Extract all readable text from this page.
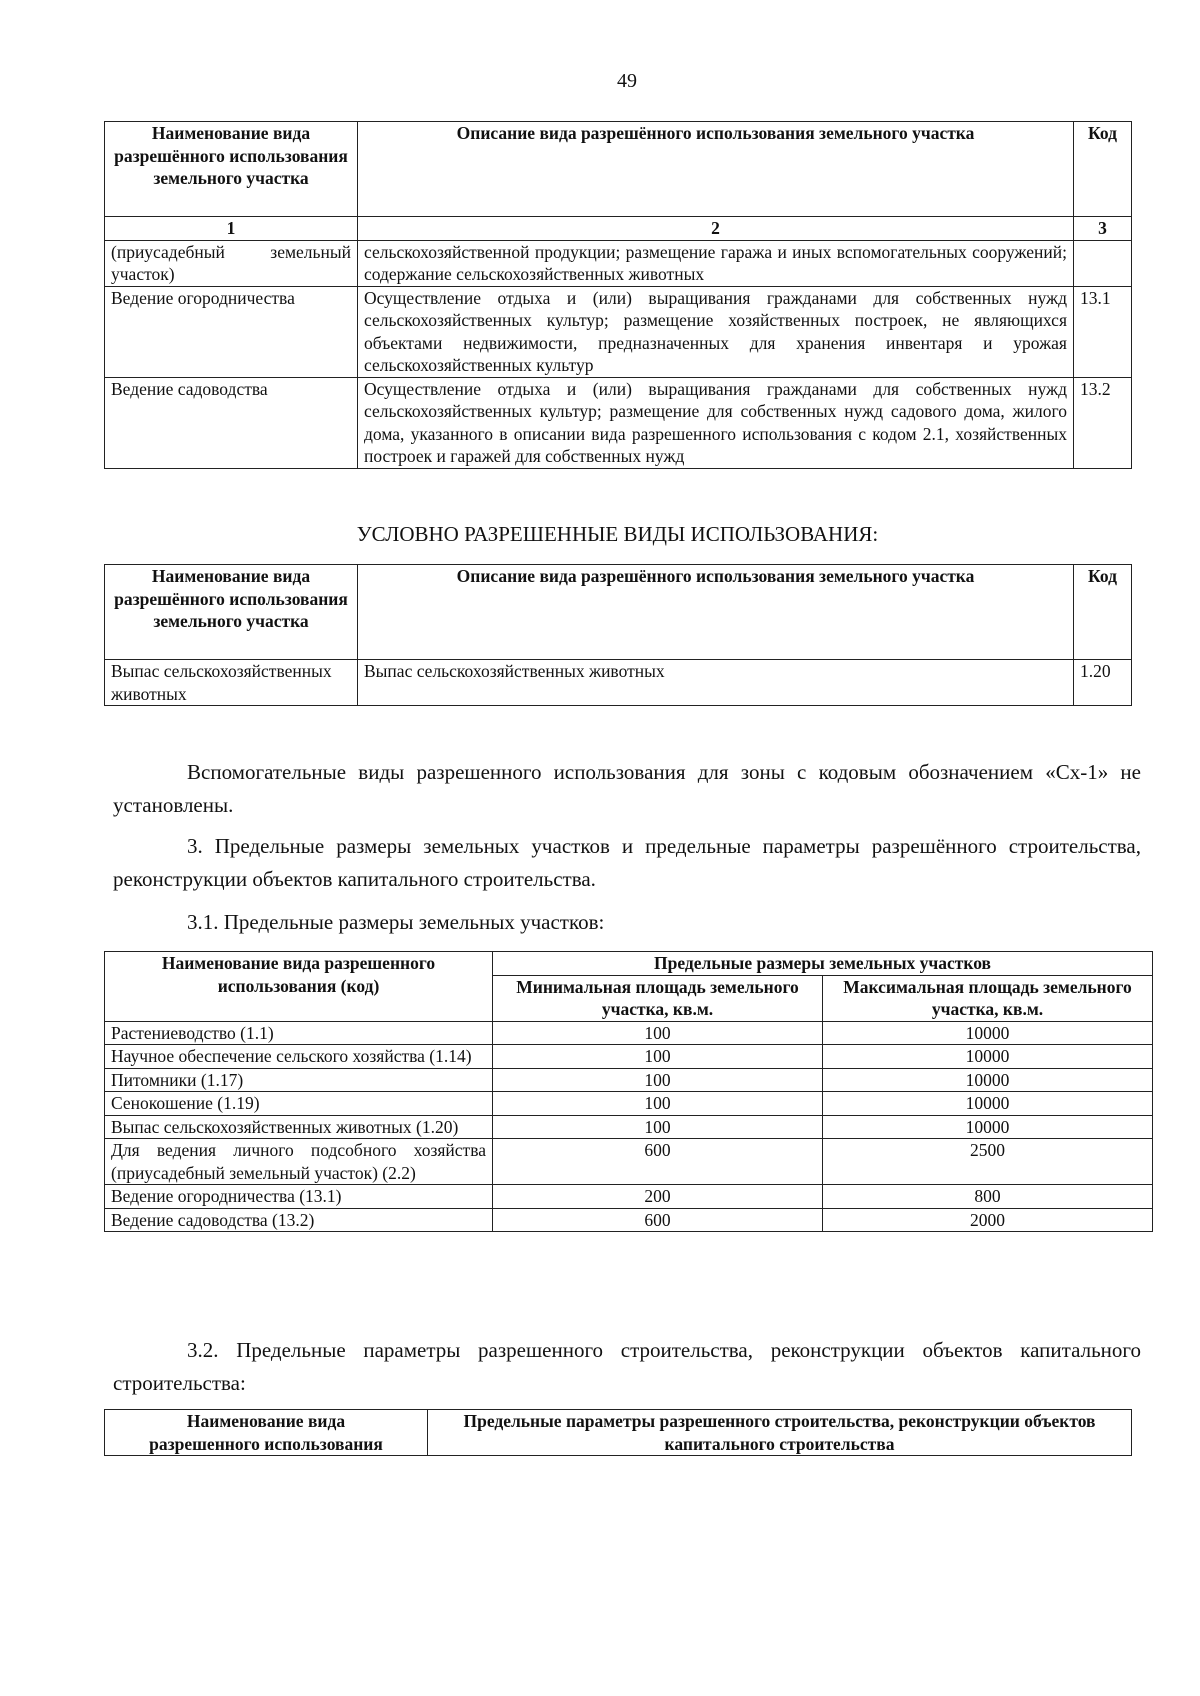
49
Наименование вида разрешённого использования земельного участка	Описание вида разрешённого использования земельного участка	Код
1	2	3
(приусадебный земельный участок)	сельскохозяйственной продукции; размещение гаража и иных вспомогательных сооружений; содержание сельскохозяйственных животных	
Ведение огородничества	Осуществление отдыха и (или) выращивания гражданами для собственных нужд сельскохозяйственных культур; размещение хозяйственных построек, не являющихся объектами недвижимости, предназначенных для хранения инвентаря и урожая сельскохозяйственных культур	13.1
Ведение садоводства	Осуществление отдыха и (или) выращивания гражданами для собственных нужд сельскохозяйственных культур; размещение для собственных нужд садового дома, жилого дома, указанного в описании вида разрешенного использования с кодом 2.1, хозяйственных построек и гаражей для собственных нужд	13.2
УСЛОВНО РАЗРЕШЕННЫЕ ВИДЫ ИСПОЛЬЗОВАНИЯ:
Наименование вида разрешённого использования земельного участка	Описание вида разрешённого использования земельного участка	Код
Выпас сельскохозяйственных животных	Выпас сельскохозяйственных животных	1.20
Вспомогательные виды разрешенного использования для зоны с кодовым обозначением «Сх-1» не установлены.
3. Предельные размеры земельных участков и предельные параметры разрешённого строительства, реконструкции объектов капитального строительства.
3.1. Предельные размеры земельных участков:
Наименование вида разрешенного использования (код)	Предельные размеры земельных участков	
	Минимальная площадь земельного участка, кв.м.	Максимальная площадь земельного участка, кв.м.
Растениеводство (1.1)	100	10000
Научное обеспечение сельского хозяйства (1.14)	100	10000
Питомники (1.17)	100	10000
Сенокошение (1.19)	100	10000
Выпас сельскохозяйственных животных (1.20)	100	10000
Для ведения личного подсобного хозяйства (приусадебный земельный участок) (2.2)	600	2500
Ведение огородничества (13.1)	200	800
Ведение садоводства (13.2)	600	2000
3.2. Предельные параметры разрешенного строительства, реконструкции объектов капитального строительства:
Наименование вида разрешенного использования	Предельные параметры разрешенного строительства, реконструкции объектов капитального строительства
